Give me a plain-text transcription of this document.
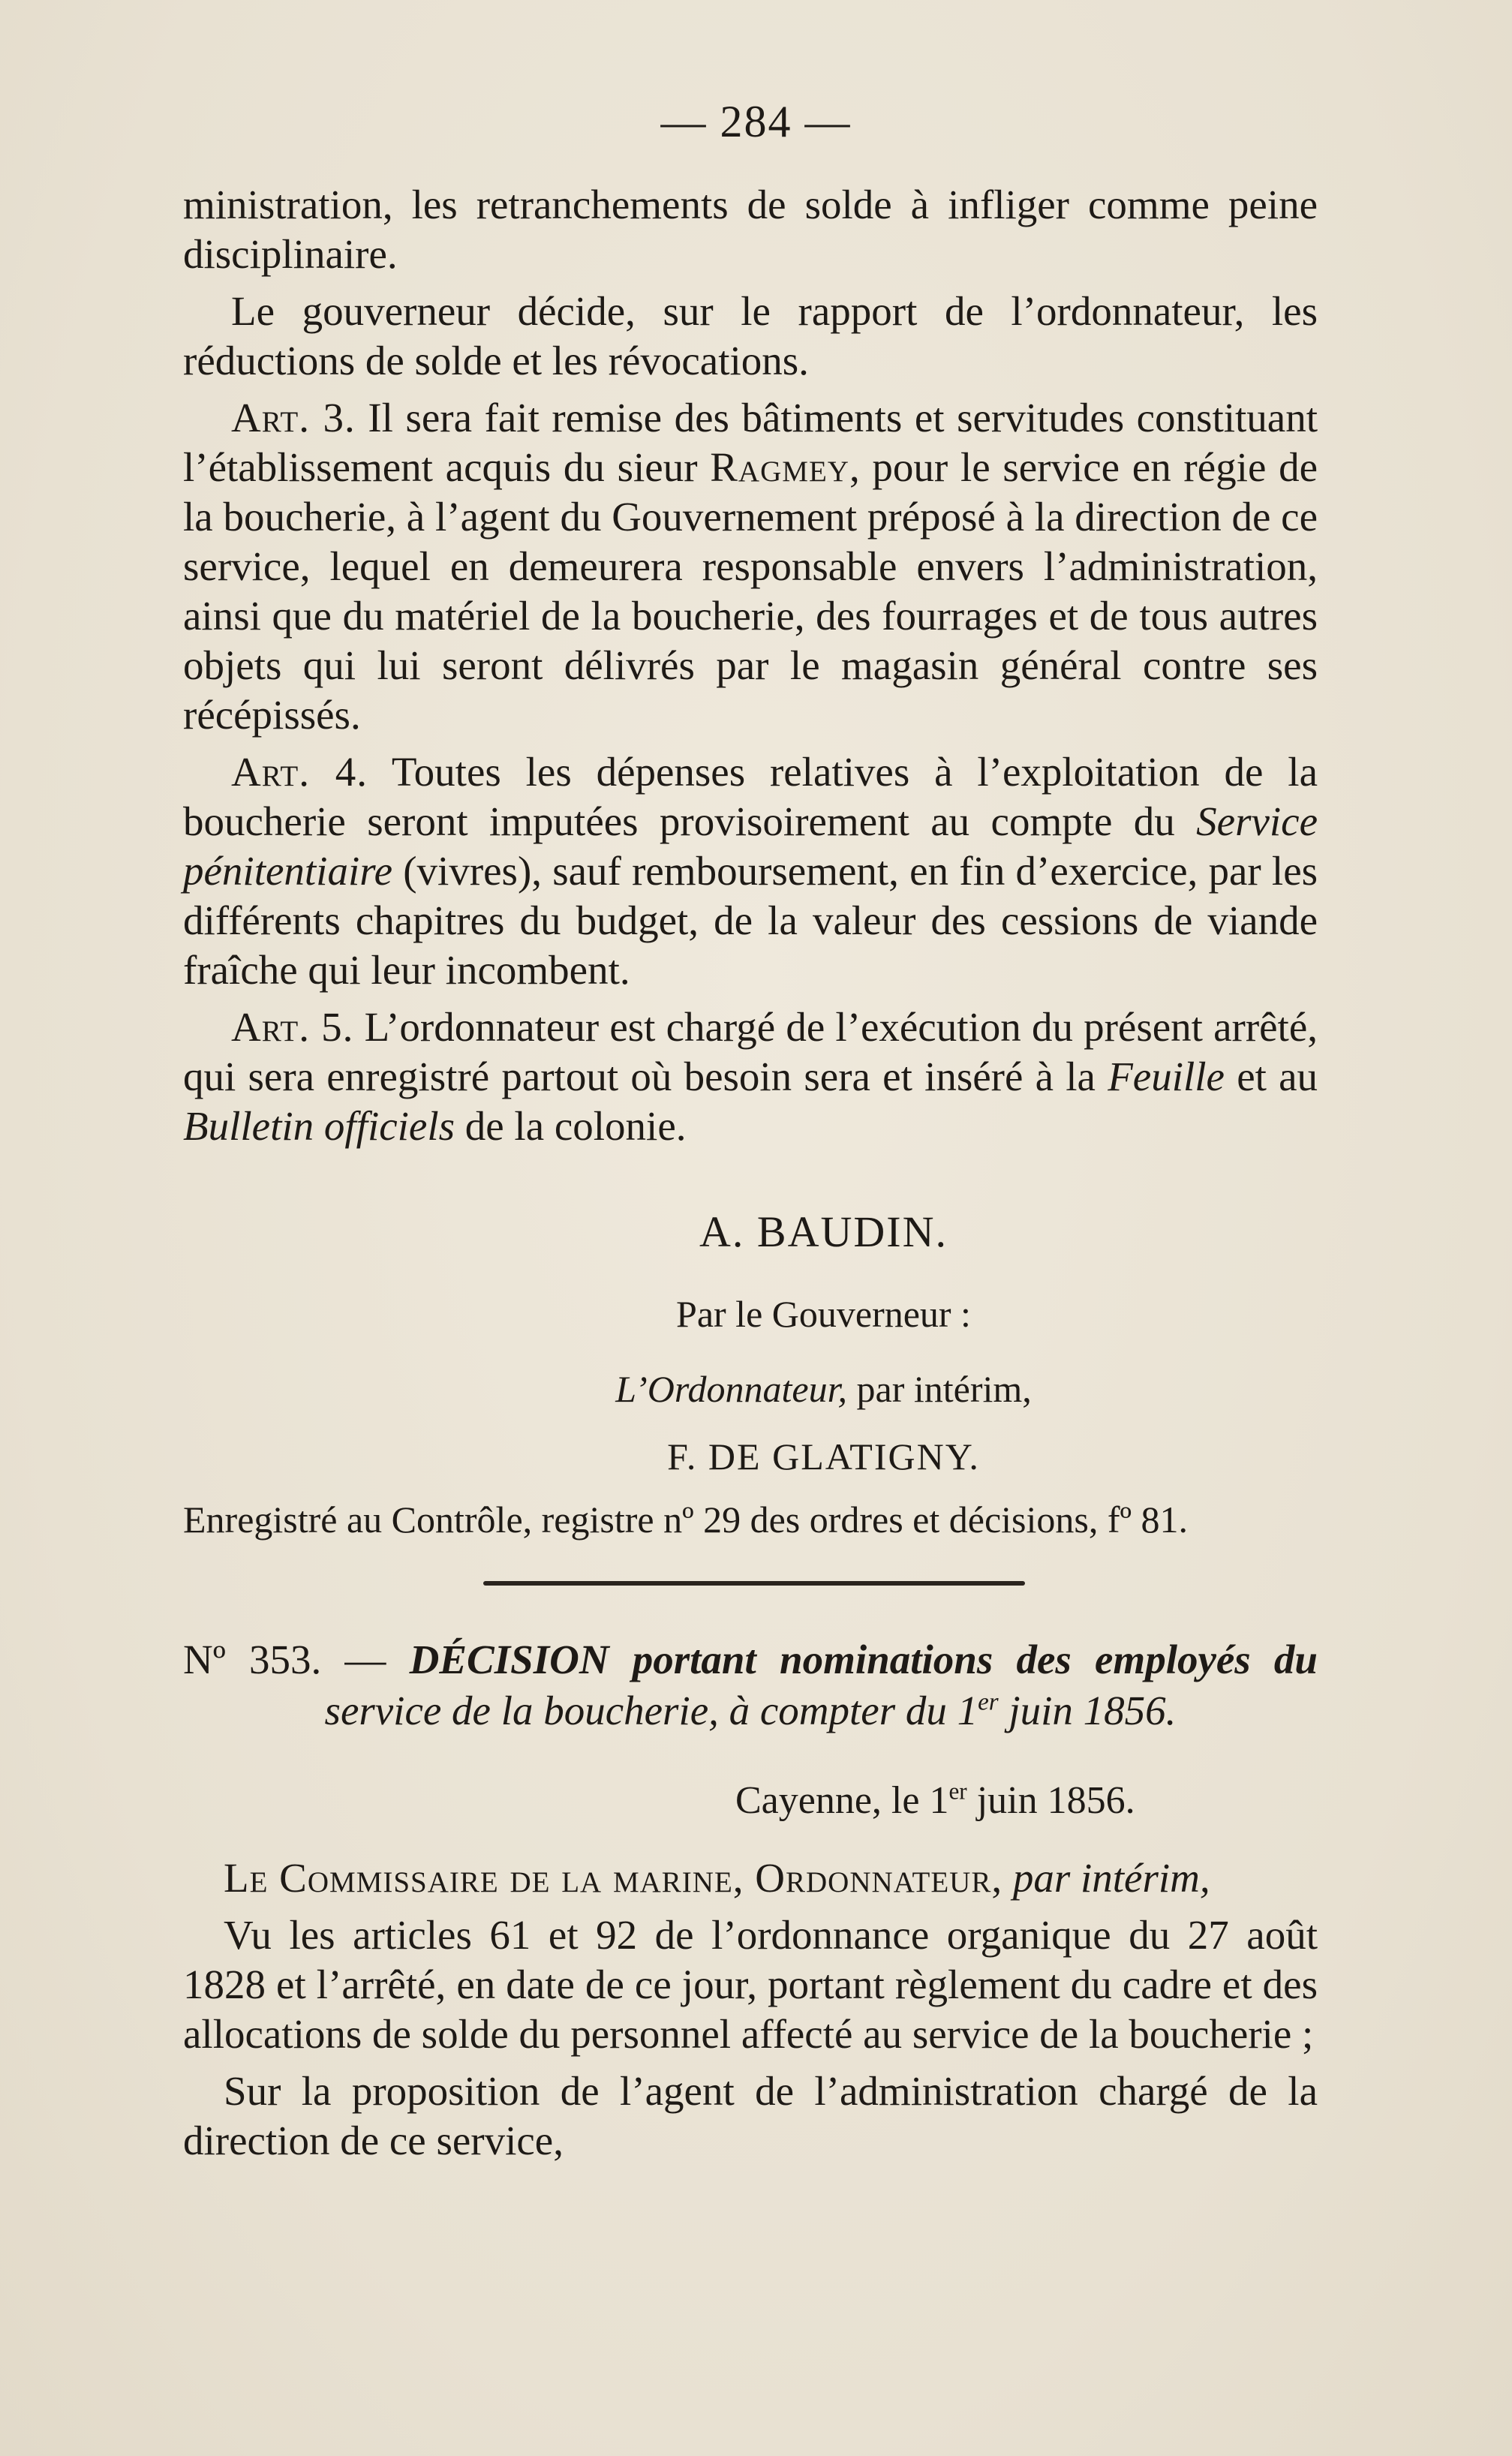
— 284 —

ministration, les retranchements de solde à infliger comme peine disciplinaire.

Le gouverneur décide, sur le rapport de l’ordonnateur, les réductions de solde et les révocations.

Art. 3. Il sera fait remise des bâtiments et servitudes constituant l’établissement acquis du sieur Ragmey, pour le service en régie de la boucherie, à l’agent du Gouvernement préposé à la direction de ce service, lequel en demeurera responsable envers l’administration, ainsi que du matériel de la boucherie, des fourrages et de tous autres objets qui lui seront délivrés par le magasin général contre ses récépissés.

Art. 4. Toutes les dépenses relatives à l’exploitation de la boucherie seront imputées provisoirement au compte du Service pénitentiaire (vivres), sauf remboursement, en fin d’exercice, par les différents chapitres du budget, de la valeur des cessions de viande fraîche qui leur incombent.

Art. 5. L’ordonnateur est chargé de l’exécution du présent arrêté, qui sera enregistré partout où besoin sera et inséré à la Feuille et au Bulletin officiels de la colonie.

A. BAUDIN.
Par le Gouverneur :
L’Ordonnateur, par intérim,
F. DE GLATIGNY.
Enregistré au Contrôle, registre nº 29 des ordres et décisions, fº 81.
Nº 353. — DÉCISION portant nominations des employés du
service de la boucherie, à compter du 1er juin 1856.
Cayenne, le 1er juin 1856.

Le Commissaire de la marine, Ordonnateur, par intérim,

Vu les articles 61 et 92 de l’ordonnance organique du 27 août 1828 et l’arrêté, en date de ce jour, portant règlement du cadre et des allocations de solde du personnel affecté au service de la boucherie ;

Sur la proposition de l’agent de l’administration chargé de la direction de ce service,
